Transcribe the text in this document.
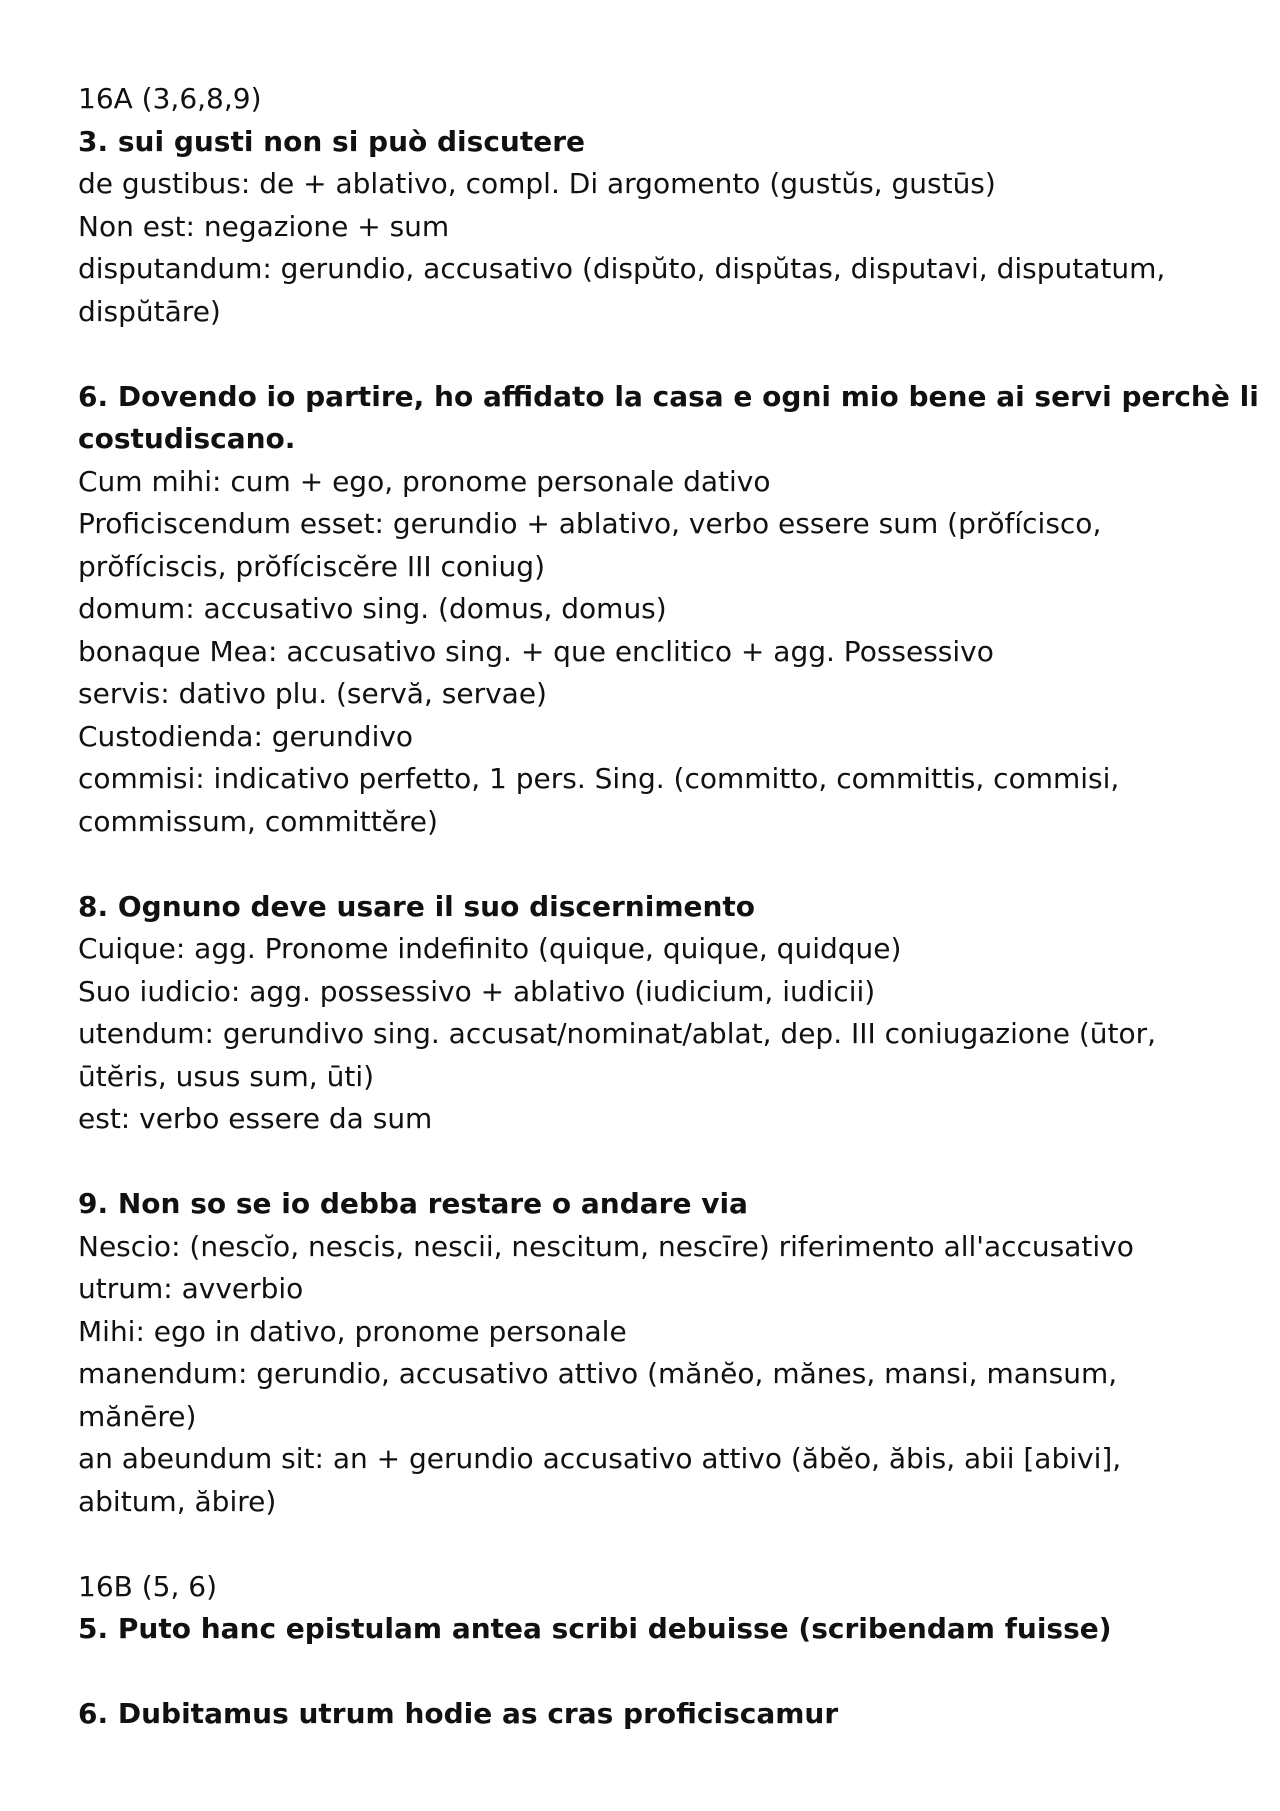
16A (3,6,8,9)
3. sui gusti non si può discutere
de gustibus: de + ablativo, compl. Di argomento (gustŭs, gustūs)
Non est: negazione + sum
disputandum: gerundio, accusativo (dispŭto, dispŭtas, disputavi, disputatum,
dispŭtāre)
6. Dovendo io partire, ho affidato la casa e ogni mio bene ai servi perchè li
costudiscano.
Cum mihi: cum + ego, pronome personale dativo
Proficiscendum esset: gerundio + ablativo, verbo essere sum (prŏfícisco,
prŏfíciscis, prŏfíciscĕre III coniug)
domum: accusativo sing. (domus, domus)
bonaque Mea: accusativo sing. + que enclitico + agg. Possessivo
servis: dativo plu. (servă, servae)
Custodienda: gerundivo
commisi: indicativo perfetto, 1 pers. Sing. (committo, committis, commisi,
commissum, committĕre)
8. Ognuno deve usare il suo discernimento
Cuique: agg. Pronome indefinito (quique, quique, quidque)
Suo iudicio: agg. possessivo + ablativo (iudicium, iudicii)
utendum: gerundivo sing. accusat/nominat/ablat, dep. III coniugazione (ūtor,
ūtĕris, usus sum, ūti)
est: verbo essere da sum
9. Non so se io debba restare o andare via
Nescio: (nescĭo, nescis, nescii, nescitum, nescīre) riferimento all'accusativo
utrum: avverbio
Mihi: ego in dativo, pronome personale
manendum: gerundio, accusativo attivo (mănĕo, mănes, mansi, mansum,
mănēre)
an abeundum sit: an + gerundio accusativo attivo (ăbĕo, ăbis, abii [abivi],
abitum, ăbire)
16B (5, 6)
5. Puto hanc epistulam antea scribi debuisse (scribendam fuisse)
6. Dubitamus utrum hodie as cras proficiscamur
